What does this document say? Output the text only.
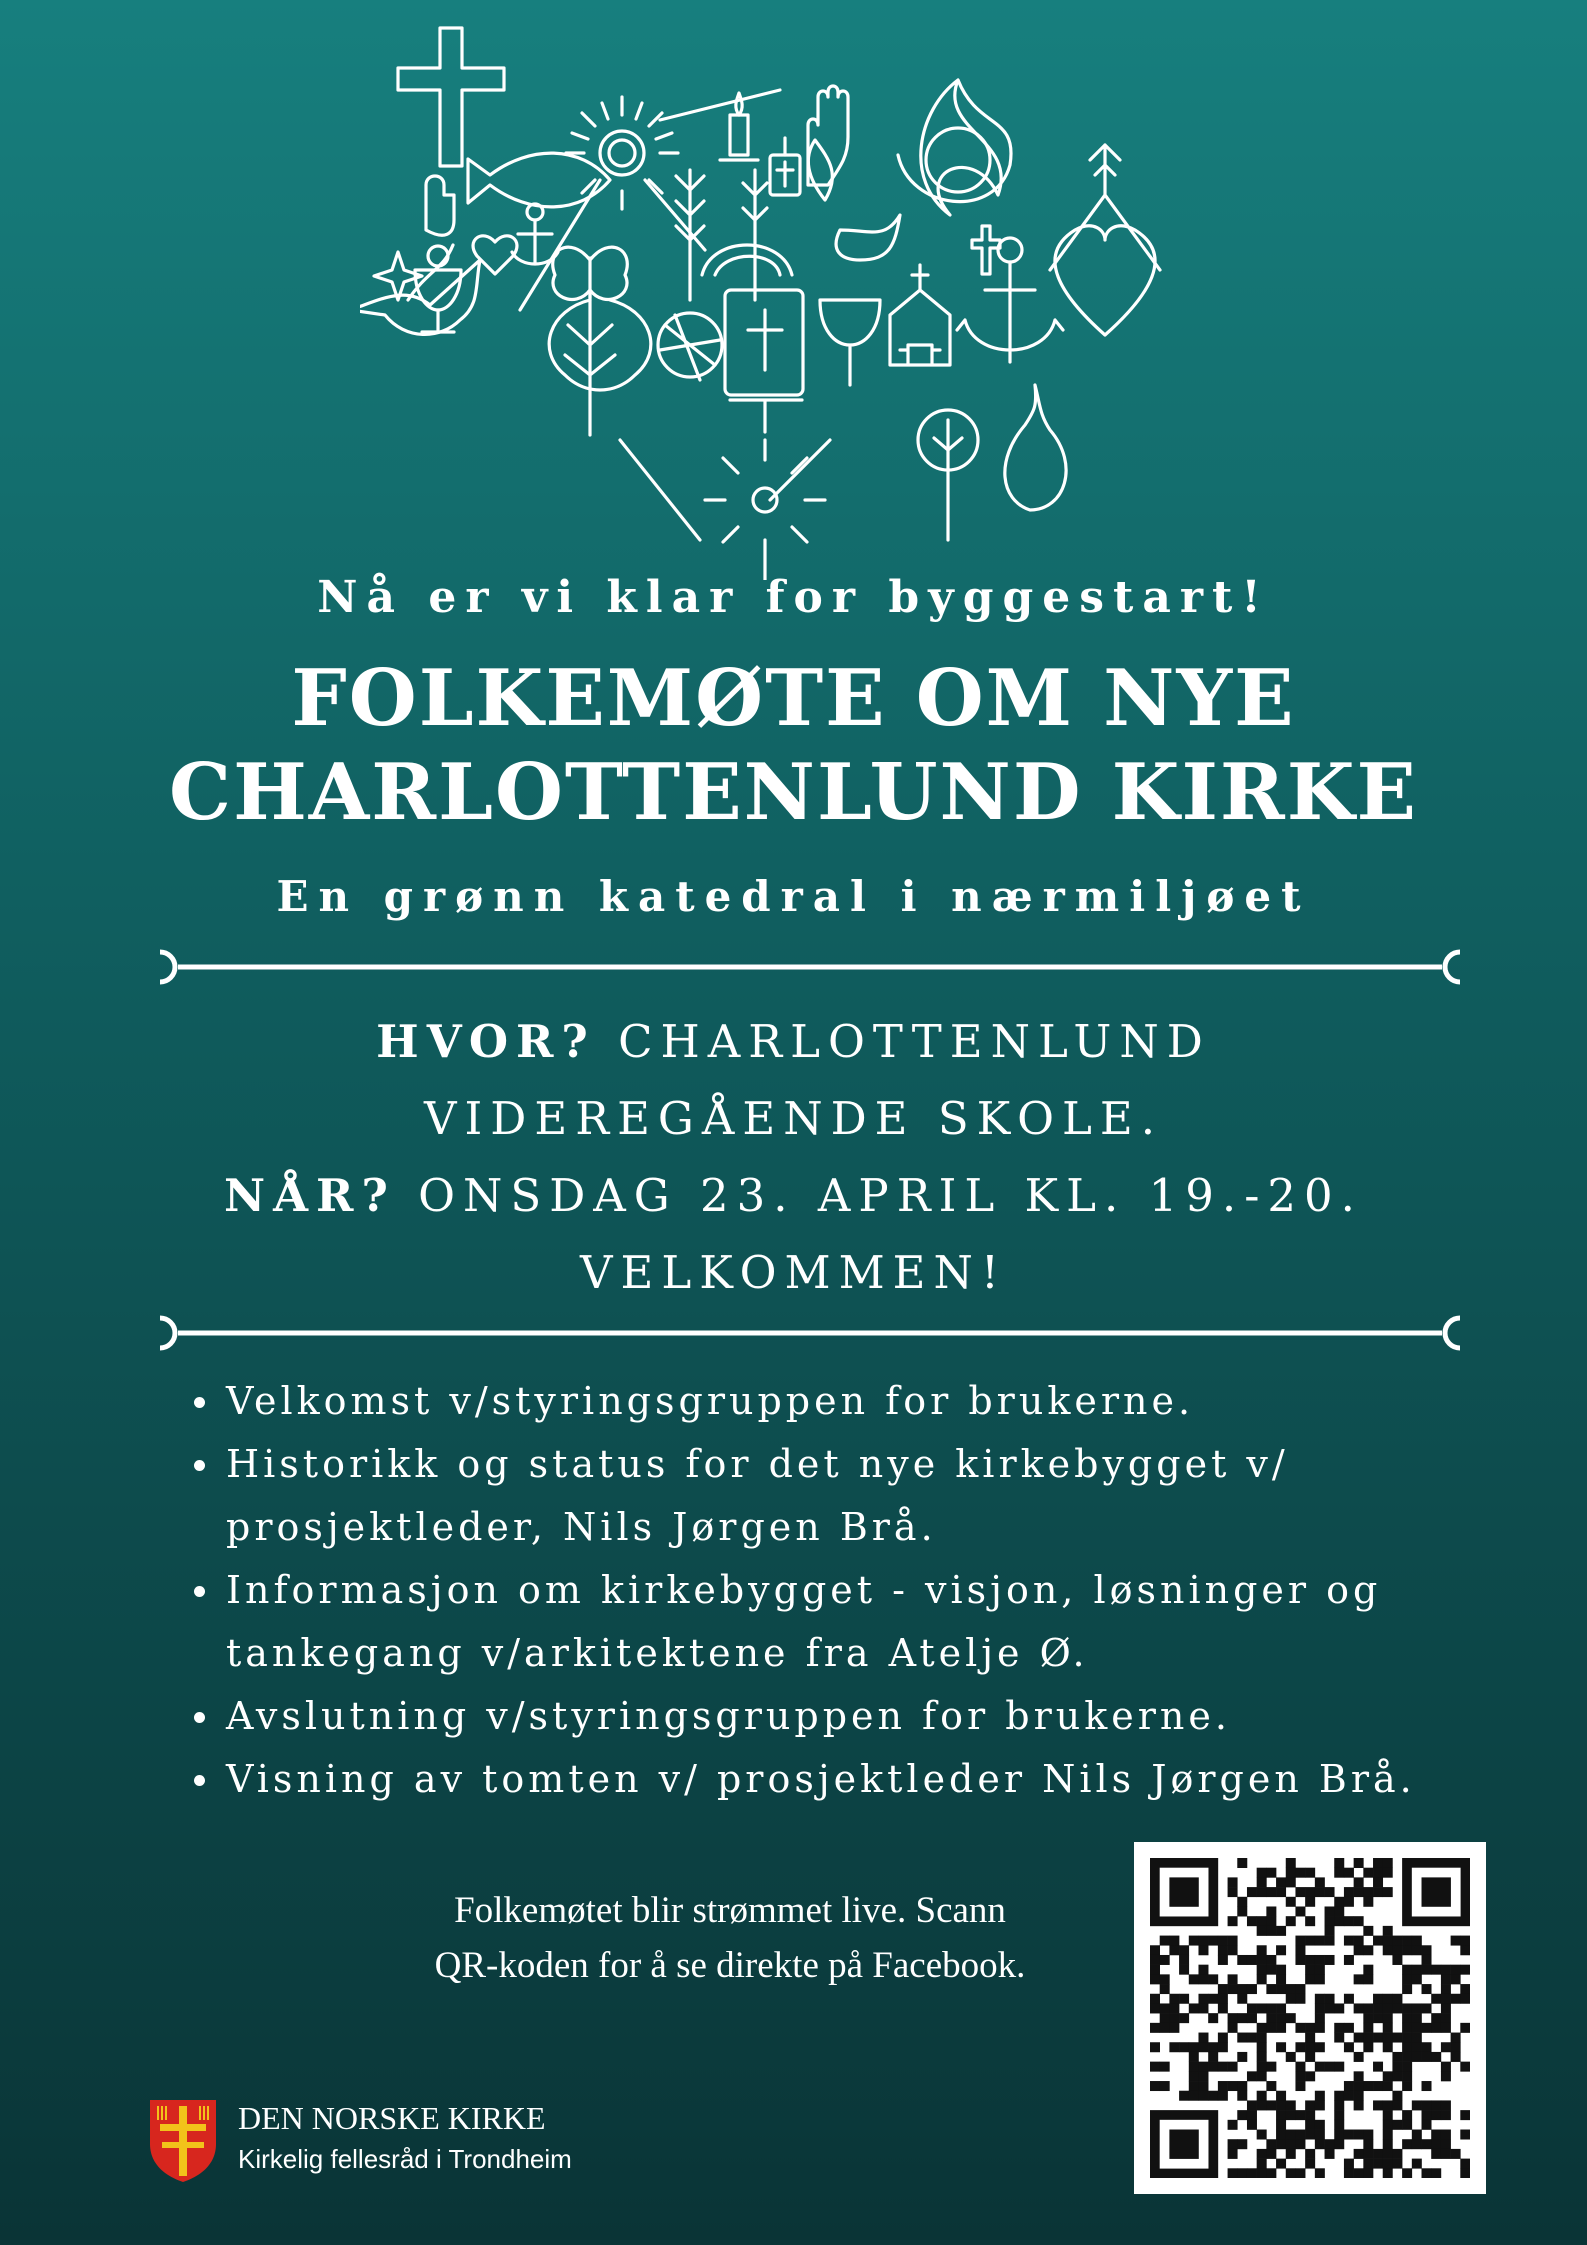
Nå er vi klar for byggestart!
FOLKEMØTE OM NYE
CHARLOTTENLUND KIRKE
En grønn katedral i nærmiljøet
HVOR? CHARLOTTENLUND
VIDEREGÅENDE SKOLE.
NÅR? ONSDAG 23. APRIL KL. 19.-20.
VELKOMMEN!
Velkomst v/styringsgruppen for brukerne.
Historikk og status for det nye kirkebygget v/ prosjektleder, Nils Jørgen Brå.
Informasjon om kirkebygget - visjon, løsninger og tankegang v/arkitektene fra Atelje Ø.
Avslutning v/styringsgruppen for brukerne.
Visning av tomten v/ prosjektleder Nils Jørgen Brå.
Folkemøtet blir strømmet live. Scann
QR-koden for å se direkte på Facebook.
DEN NORSKE KIRKE
Kirkelig fellesråd i Trondheim
